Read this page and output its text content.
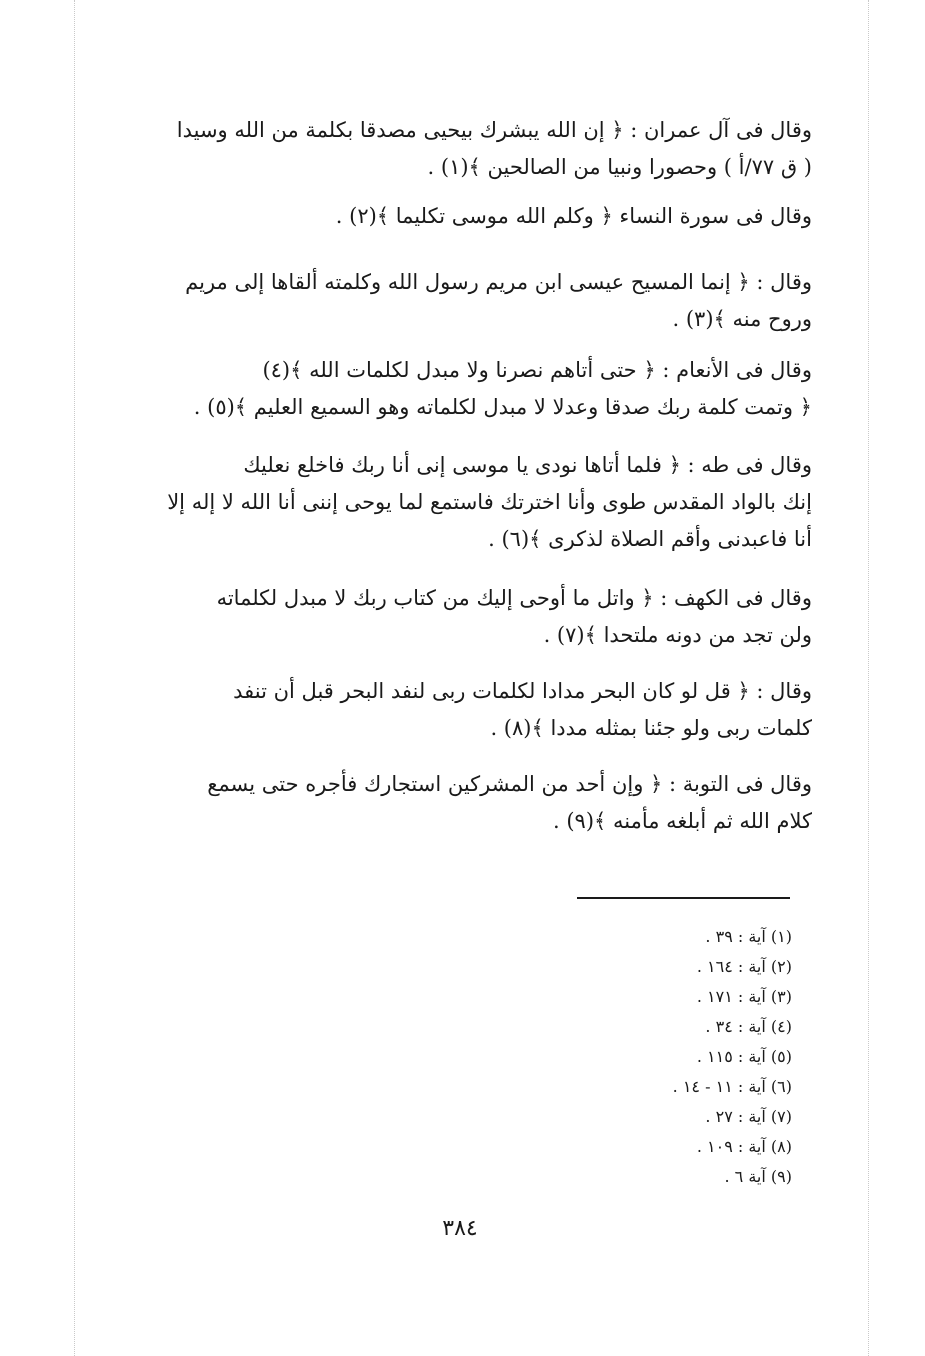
وقال فى آل عمران : ﴿ إن الله يبشرك بيحيى مصدقا بكلمة من الله وسيدا
( ق ٧٧/أ ) وحصورا ونبيا من الصالحين ﴾(١) .
وقال فى سورة النساء ﴿ وكلم الله موسى تكليما ﴾(٢) .
وقال : ﴿ إنما المسيح عيسى ابن مريم رسول الله وكلمته ألقاها إلى مريم
وروح منه ﴾(٣) .
وقال فى الأنعام : ﴿ حتى أتاهم نصرنا ولا مبدل لكلمات الله ﴾(٤)
﴿ وتمت كلمة ربك صدقا وعدلا لا مبدل لكلماته وهو السميع العليم ﴾(٥) .
وقال فى طه : ﴿ فلما أتاها نودى يا موسى إنى أنا ربك فاخلع نعليك
إنك بالواد المقدس طوى وأنا اخترتك فاستمع لما يوحى إننى أنا الله لا إله إلا
أنا فاعبدنى وأقم الصلاة لذكرى ﴾(٦) .
وقال فى الكهف : ﴿ واتل ما أوحى إليك من كتاب ربك لا مبدل لكلماته
ولن تجد من دونه ملتحدا ﴾(٧) .
وقال : ﴿ قل لو كان البحر مدادا لكلمات ربى لنفد البحر قبل أن تنفد
كلمات ربى ولو جئنا بمثله مددا ﴾(٨) .
وقال فى التوبة : ﴿ وإن أحد من المشركين استجارك فأجره حتى يسمع
كلام الله ثم أبلغه مأمنه ﴾(٩) .
(١) آية : ٣٩ .
(٢) آية : ١٦٤ .
(٣) آية : ١٧١ .
(٤) آية : ٣٤ .
(٥) آية : ١١٥ .
(٦) آية : ١١ - ١٤ .
(٧) آية : ٢٧ .
(٨) آية : ١٠٩ .
(٩) آية ٦ .
٣٨٤
